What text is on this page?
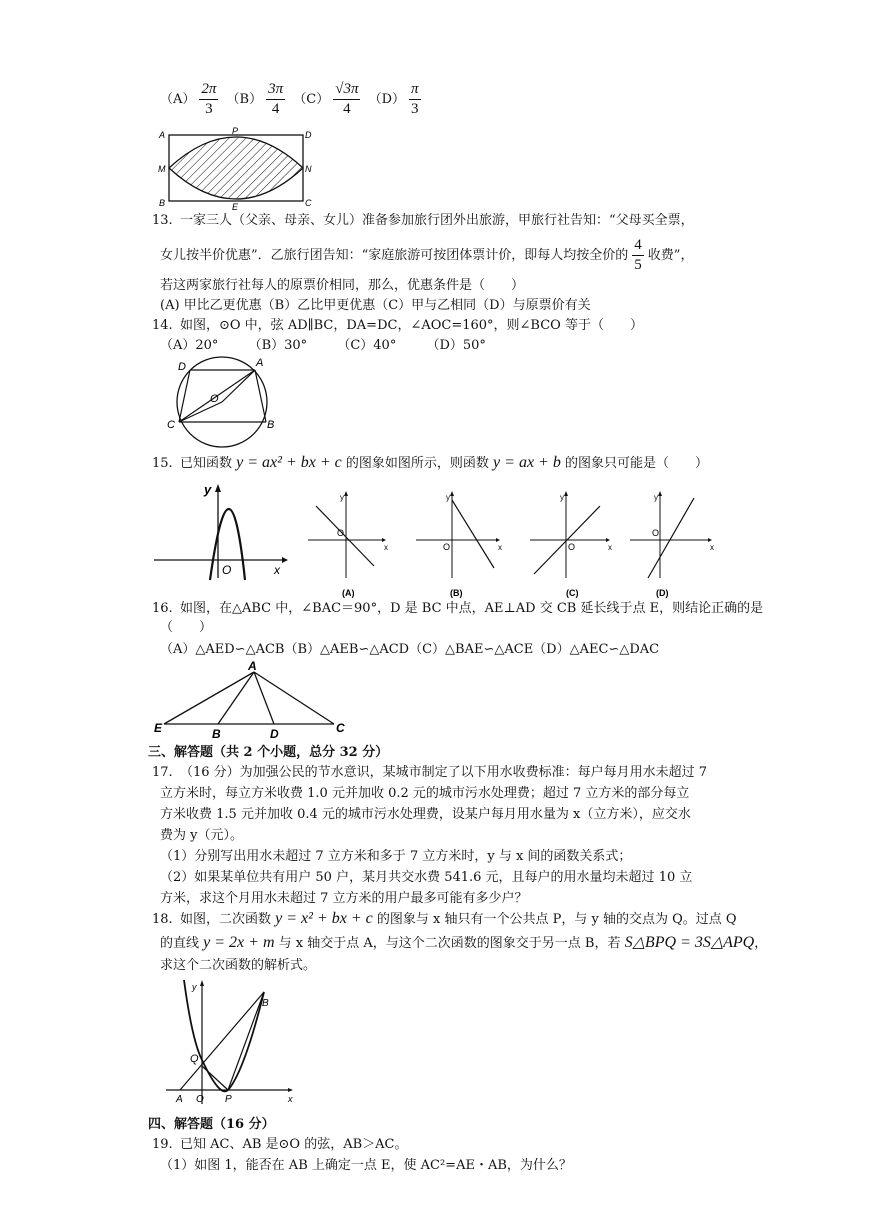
$(A) \frac{2\pi}{3} (B) \frac{3\pi}{4} (C) \frac{√3\pi}{4} (D) \frac{\pi}{3}$
A	P	D
M	N
B	E	C
13. 一家三人（父亲、母亲、女儿）准备参加旅行团外出旅游，甲旅行社告知：“父母买全票，
女儿按半价优惠”．乙旅行团告知：“家庭旅游可按团体票计价，即每人均按全价的 $\frac{4}{5}$ 收费”，
若这两家旅行社每人的原票价相同，那么，优惠条件是（　　）
(A) 甲比乙更优惠（B）乙比甲更优惠（C）甲与乙相同（D）与原票价有关
14. 如图，⊙O 中，弦 AD∥BC，DA=DC，∠AOC=160°，则∠BCO 等于（　　）
（A）20°　　 （B）30°　　 （C）40°　　 （D）50°
D	A
O
C	B
15. 已知函数 y = ax² + bx + c 的图象如图所示，则函数 y = ax + b 的图象只可能是（　　）
y
O	x
y
x
O
(A)
y
x
O
(B)
y
x
O
(C)
y
x
O
(D)
16. 如图，在△ABC 中，∠BAC＝90°，D 是 BC 中点，AE⊥AD 交 CB 延长线于点 E，则结论正确的是
（　　）
（A）△AED∽△ACB（B）△AEB∽△ACD（C）△BAE∽△ACE（D）△AEC∽△DAC
A
E	B	D	C
三、解答题（共 2 个小题，总分 32 分）
17. （16 分）为加强公民的节水意识，某城市制定了以下用水收费标准：每户每月用水未超过 7
立方米时，每立方米收费 1.0 元并加收 0.2 元的城市污水处理费；超过 7 立方米的部分每立
方米收费 1.5 元并加收 0.4 元的城市污水处理费，设某户每月用水量为 x（立方米），应交水
费为 y（元）。
（1）分别写出用水未超过 7 立方米和多于 7 立方米时，y 与 x 间的函数关系式；
（2）如果某单位共有用户 50 户，某月共交水费 541.6 元，且每户的用水量均未超过 10 立
方米，求这个月用水未超过 7 立方米的用户最多可能有多少户？
18. 如图，二次函数 y = x² + bx + c 的图象与 x 轴只有一个公共点 P，与 y 轴的交点为 Q。过点 Q
的直线 y = 2x + m 与 x 轴交于点 A，与这个二次函数的图象交于另一点 B，若 S△BPQ = 3S△APQ，
求这个二次函数的解析式。
y
B
Q
A O P	x
四、解答题（16 分）
19. 已知 AC、AB 是⊙O 的弦，AB＞AC。
（1）如图 1，能否在 AB 上确定一点 E，使 AC²=AE・AB，为什么？
